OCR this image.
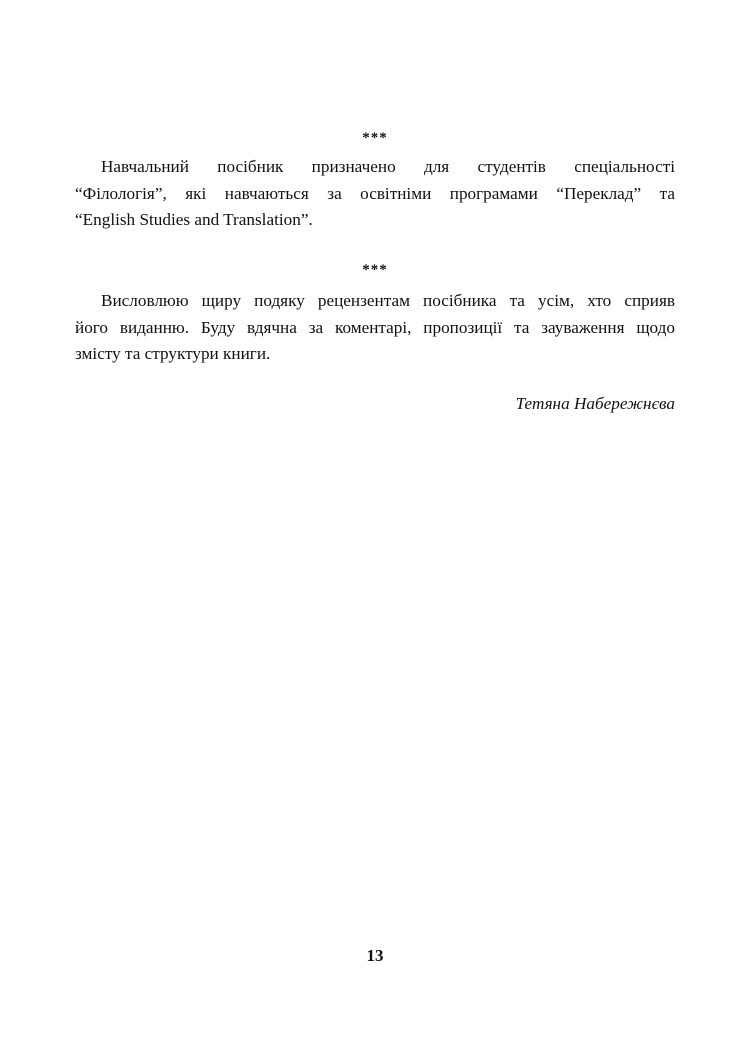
***
Навчальний посібник призначено для студентів спеціальності
“Філологія”, які навчаються за освітніми програмами “Переклад” та
“English Studies and Translation”.
***
Висловлюю щиру подяку рецензентам посібника та усім, хто сприяв
його виданню. Буду вдячна за коментарі, пропозиції та зауваження щодо
змісту та структури книги.
Тетяна Набережнєва
13
